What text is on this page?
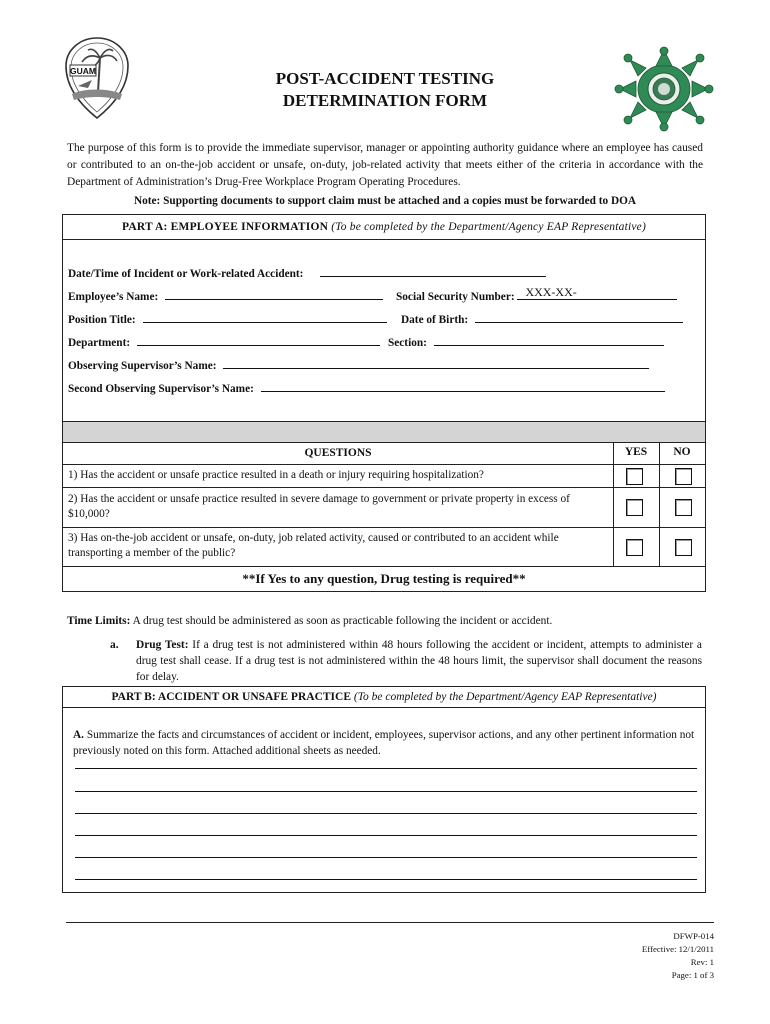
GUAM	POST-ACCIDENT TESTING
DETERMINATION FORM
The purpose of this form is to provide the immediate supervisor, manager or appointing authority guidance where an employee has caused or contributed to an on-the-job accident or unsafe, on-duty, job-related activity that meets either of the criteria in accordance with the Department of Administration’s Drug-Free Workplace Program Operating Procedures.
Note: Supporting documents to support claim must be attached and a copies must be forwarded to DOA
PART A: EMPLOYEE INFORMATION (To be completed by the Department/Agency EAP Representative)
Date/Time of Incident or Work-related Accident:
Employee’s Name:	Social Security Number: XXX-XX-
Position Title:	Date of Birth:
Department:	Section:
Observing Supervisor’s Name:
Second Observing Supervisor’s Name:
QUESTIONS	YES	NO
1) Has the accident or unsafe practice resulted in a death or injury requiring hospitalization?
2) Has the accident or unsafe practice resulted in severe damage to government or private property in excess of $10,000?
3) Has on-the-job accident or unsafe, on-duty, job related activity, caused or contributed to an accident while transporting a member of the public?
**If Yes to any question, Drug testing is required**
Time Limits: A drug test should be administered as soon as practicable following the incident or accident.
a. Drug Test: If a drug test is not administered within 48 hours following the accident or incident, attempts to administer a drug test shall cease. If a drug test is not administered within the 48 hours limit, the supervisor shall document the reasons for delay.
PART B: ACCIDENT OR UNSAFE PRACTICE (To be completed by the Department/Agency EAP Representative)
A. Summarize the facts and circumstances of accident or incident, employees, supervisor actions, and any other pertinent information not previously noted on this form. Attached additional sheets as needed.
DFWP-014
Effective: 12/1/2011
Rev: 1
Page: 1 of 3
